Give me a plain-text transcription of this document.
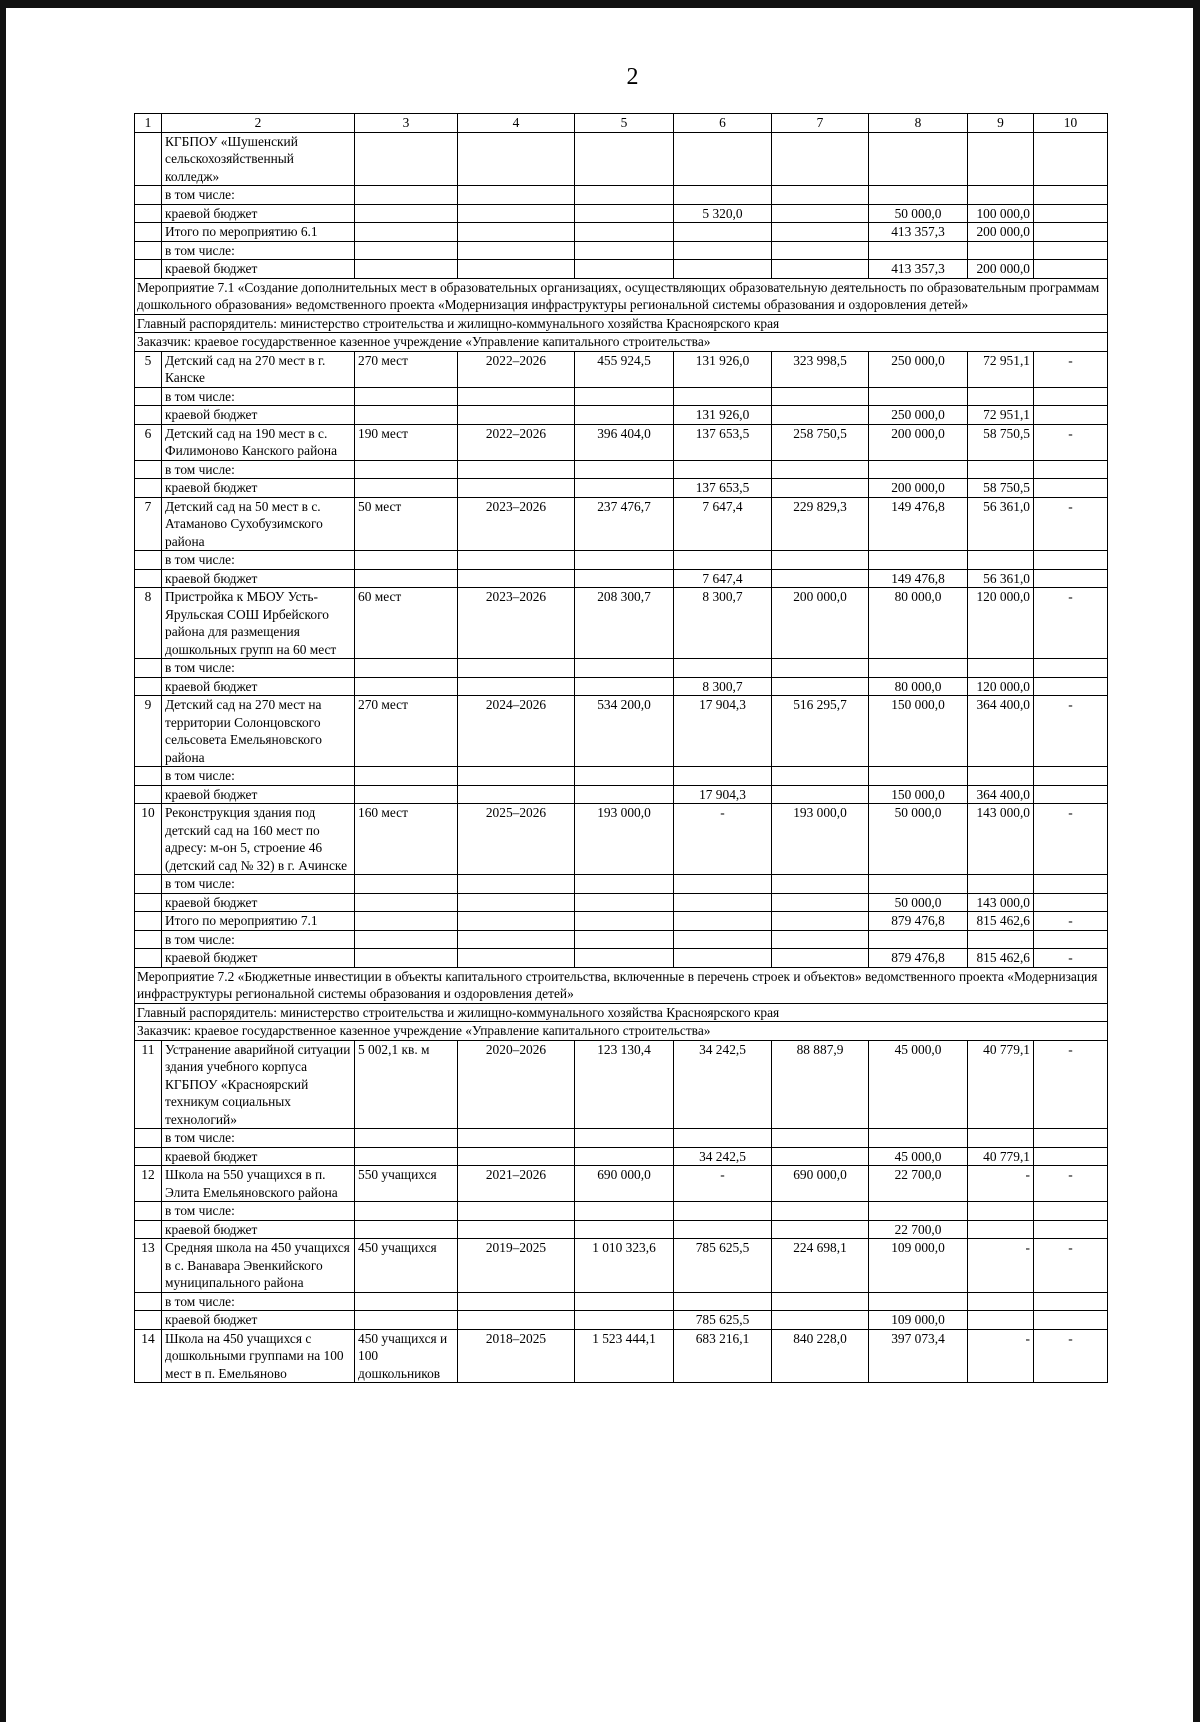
2
1	2	3	4	5	6	7	8	9	10
	КГБПОУ «Шушенский сельскохозяйственный колледж»								
	в том числе:								
	краевой бюджет				5 320,0		50 000,0	100 000,0	
	Итого по мероприятию 6.1						413 357,3	200 000,0	
	в том числе:								
	краевой бюджет						413 357,3	200 000,0	
Мероприятие 7.1 «Создание дополнительных мест в образовательных организациях, осуществляющих образовательную деятельность по образовательным программам дошкольного образования» ведомственного проекта «Модернизация инфраструктуры региональной системы образования и оздоровления детей»									
Главный распорядитель: министерство строительства и жилищно-коммунального хозяйства Красноярского края									
Заказчик: краевое государственное казенное учреждение «Управление капитального строительства»									
5	Детский сад на 270 мест в г. Канске	270 мест	2022–2026	455 924,5	131 926,0	323 998,5	250 000,0	72 951,1	-
	в том числе:								
	краевой бюджет				131 926,0		250 000,0	72 951,1	
6	Детский сад на 190 мест в с. Филимоново Канского района	190 мест	2022–2026	396 404,0	137 653,5	258 750,5	200 000,0	58 750,5	-
	в том числе:								
	краевой бюджет				137 653,5		200 000,0	58 750,5	
7	Детский сад на 50 мест в с. Атаманово Сухобузимского района	50 мест	2023–2026	237 476,7	7 647,4	229 829,3	149 476,8	56 361,0	-
	в том числе:								
	краевой бюджет				7 647,4		149 476,8	56 361,0	
8	Пристройка к МБОУ Усть-Ярульская СОШ Ирбейского района для размещения дошкольных групп на 60 мест	60 мест	2023–2026	208 300,7	8 300,7	200 000,0	80 000,0	120 000,0	-
	в том числе:								
	краевой бюджет				8 300,7		80 000,0	120 000,0	
9	Детский сад на 270 мест на территории Солонцовского сельсовета Емельяновского района	270 мест	2024–2026	534 200,0	17 904,3	516 295,7	150 000,0	364 400,0	-
	в том числе:								
	краевой бюджет				17 904,3		150 000,0	364 400,0	
10	Реконструкция здания под детский сад на 160 мест по адресу: м-он 5, строение 46 (детский сад № 32) в г. Ачинске	160 мест	2025–2026	193 000,0	-	193 000,0	50 000,0	143 000,0	-
	в том числе:								
	краевой бюджет						50 000,0	143 000,0	
	Итого по мероприятию 7.1						879 476,8	815 462,6	-
	в том числе:								
	краевой бюджет						879 476,8	815 462,6	-
Мероприятие 7.2 «Бюджетные инвестиции в объекты капитального строительства, включенные в перечень строек и объектов» ведомственного проекта «Модернизация инфраструктуры региональной системы образования и оздоровления детей»									
Главный распорядитель: министерство строительства и жилищно-коммунального хозяйства Красноярского края									
Заказчик: краевое государственное казенное учреждение «Управление капитального строительства»									
11	Устранение аварийной ситуации здания учебного корпуса КГБПОУ «Красноярский техникум социальных технологий»	5 002,1 кв. м	2020–2026	123 130,4	34 242,5	88 887,9	45 000,0	40 779,1	-
	в том числе:								
	краевой бюджет				34 242,5		45 000,0	40 779,1	
12	Школа на 550 учащихся в п. Элита Емельяновского района	550 учащихся	2021–2026	690 000,0	-	690 000,0	22 700,0	-	-
	в том числе:								
	краевой бюджет						22 700,0		
13	Средняя школа на 450 учащихся в с. Ванавара Эвенкийского муниципального района	450 учащихся	2019–2025	1 010 323,6	785 625,5	224 698,1	109 000,0	-	-
	в том числе:								
	краевой бюджет				785 625,5		109 000,0		
14	Школа на 450 учащихся с дошкольными группами на 100 мест в п. Емельяново	450 учащихся и 100 дошкольников	2018–2025	1 523 444,1	683 216,1	840 228,0	397 073,4	-	-
